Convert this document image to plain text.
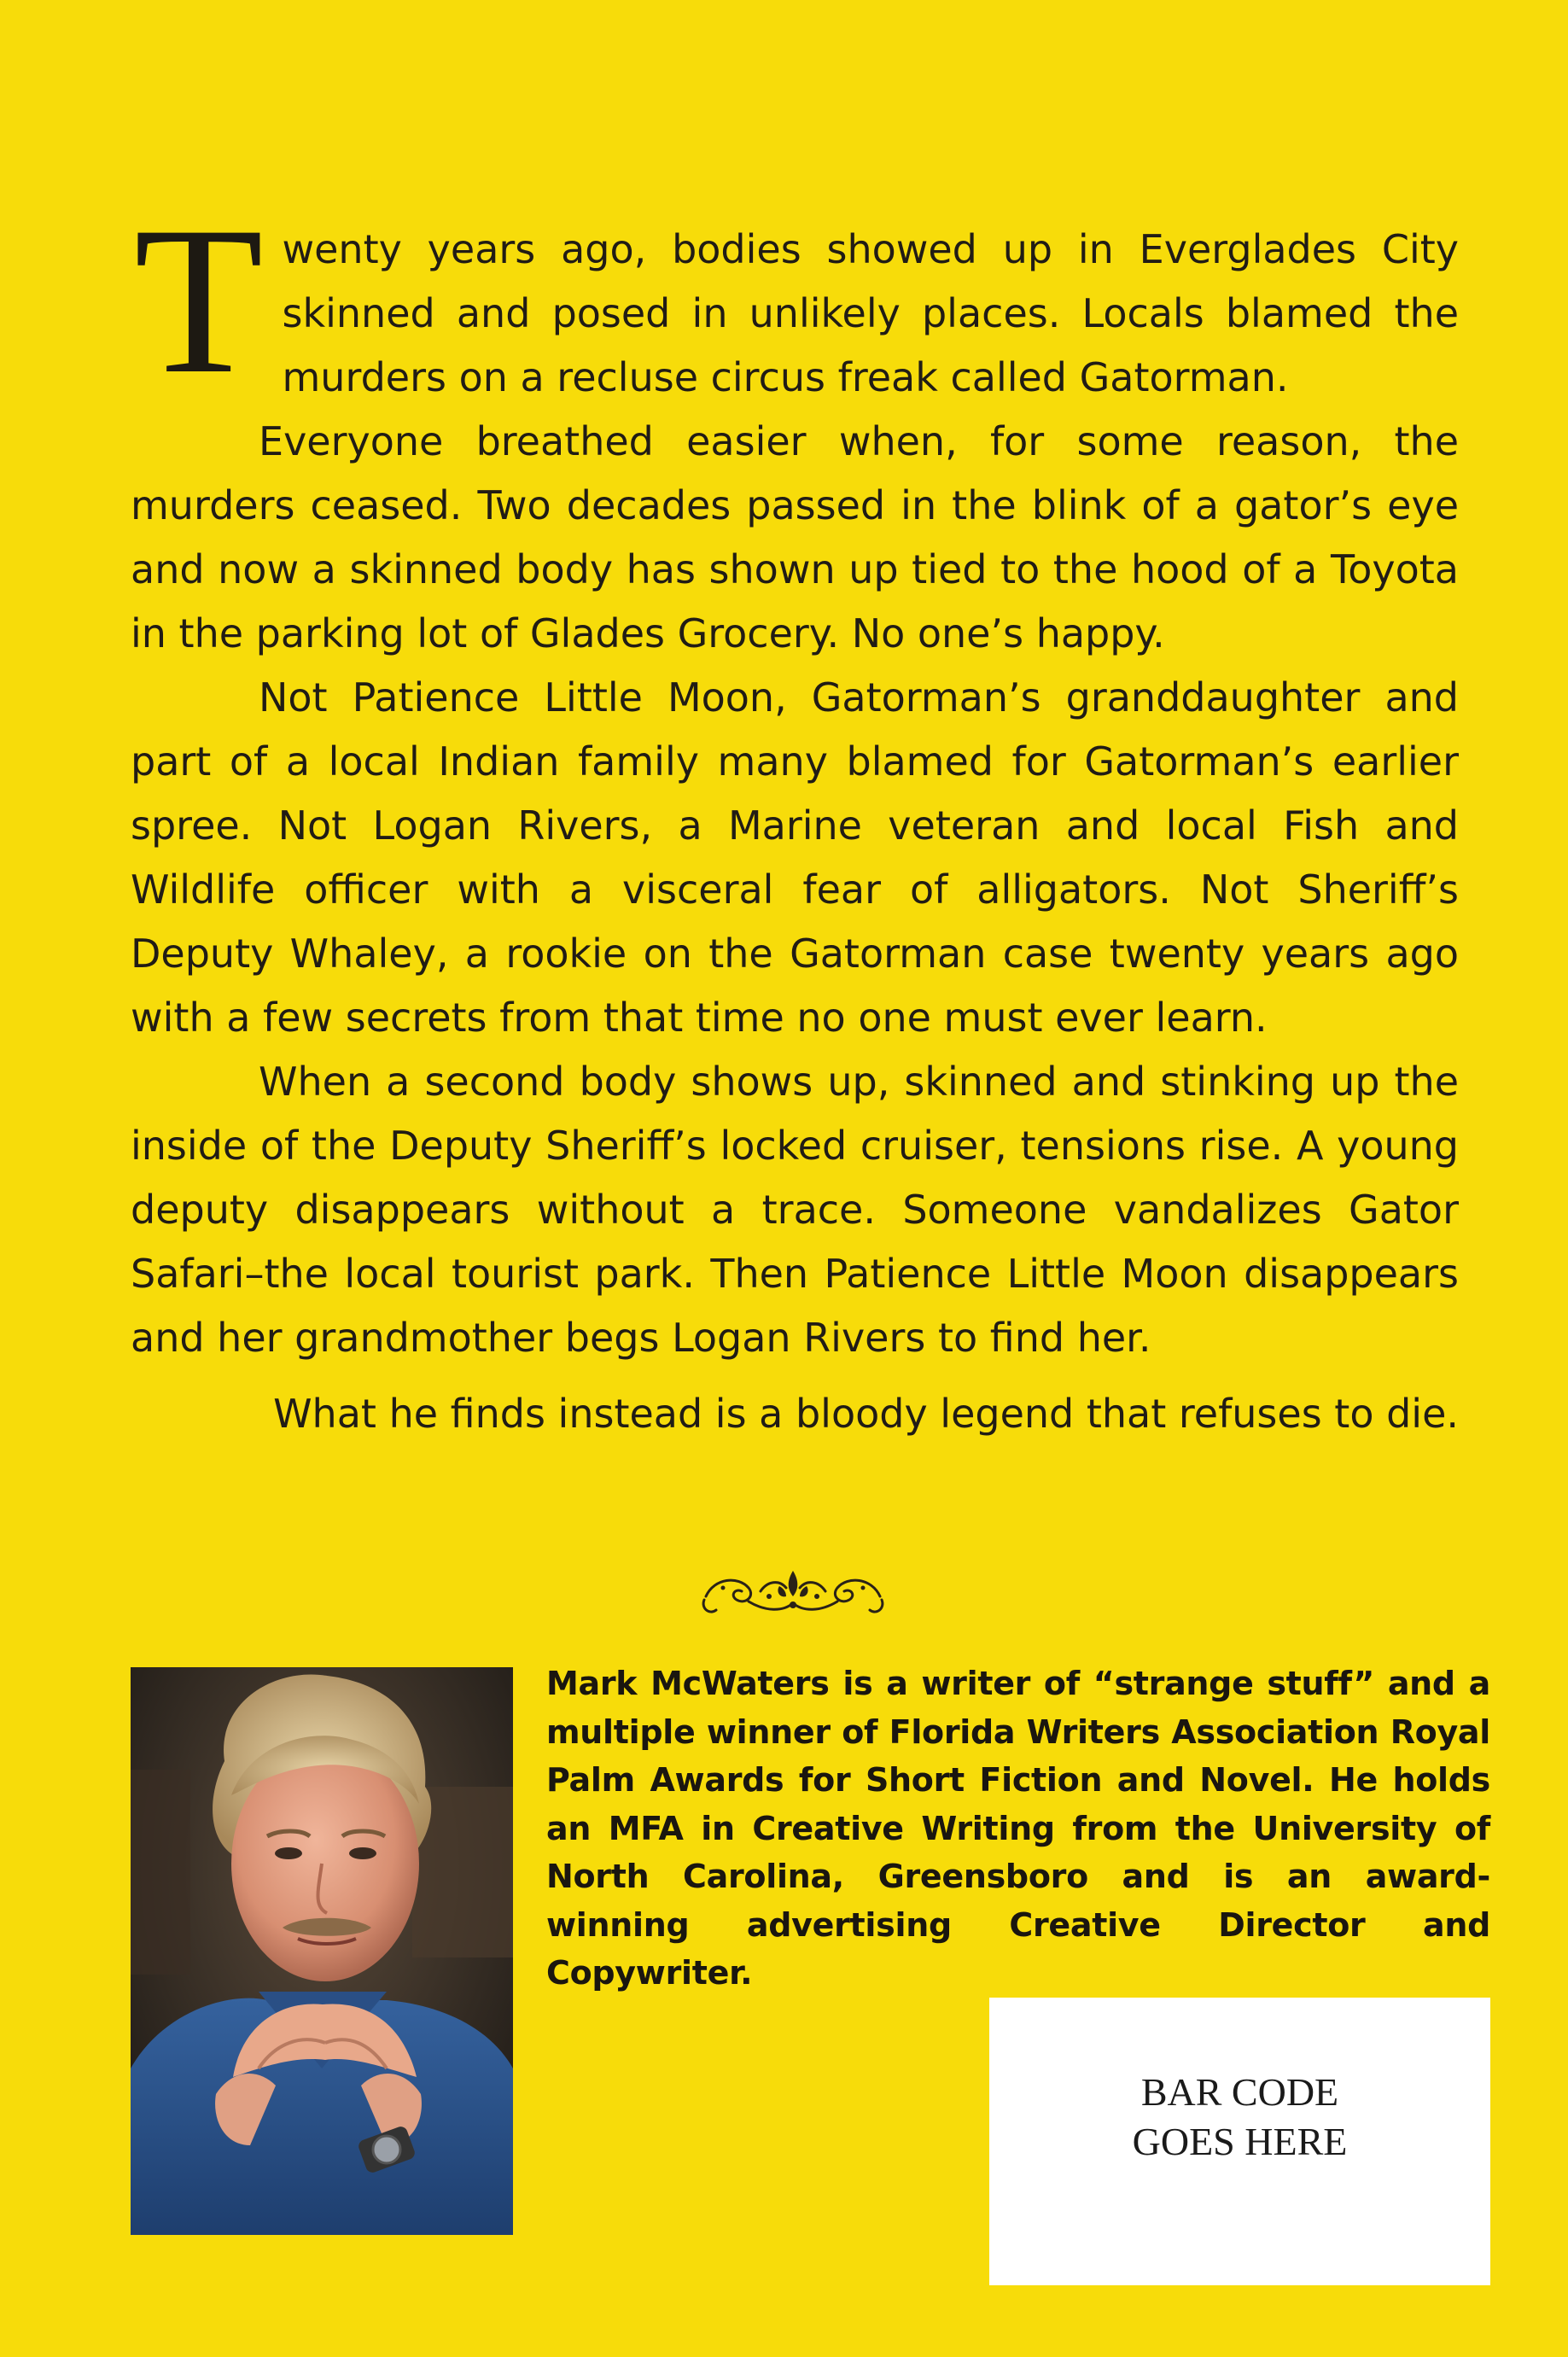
Twenty years ago, bodies showed up in Everglades City skinned and posed in unlikely places. Locals blamed the murders on a recluse circus freak called Gatorman.

Everyone breathed easier when, for some reason, the murders ceased. Two decades passed in the blink of a gator’s eye and now a skinned body has shown up tied to the hood of a Toyota in the parking lot of Glades Grocery. No one’s happy.

Not Patience Little Moon, Gatorman’s granddaughter and part of a local Indian family many blamed for Gatorman’s earlier spree. Not Logan Rivers, a Marine veteran and local Fish and Wildlife officer with a visceral fear of alligators. Not Sheriff’s Deputy Whaley, a rookie on the Gatorman case twenty years ago with a few secrets from that time no one must ever learn.

When a second body shows up, skinned and stinking up the inside of the Deputy Sheriff’s locked cruiser, tensions rise. A young deputy disappears without a trace. Someone vandalizes Gator Safari–the local tourist park. Then Patience Little Moon disappears and her grandmother begs Logan Rivers to find her.

What he finds instead is a bloody legend that refuses to die.

Mark McWaters is a writer of “strange stuff” and a multiple winner of Florida Writers Association Royal Palm Awards for Short Fiction and Novel. He holds an MFA in Creative Writing from the University of North Carolina, Greensboro and is an award-winning advertising Creative Director and Copywriter.
BAR CODE
GOES HERE
